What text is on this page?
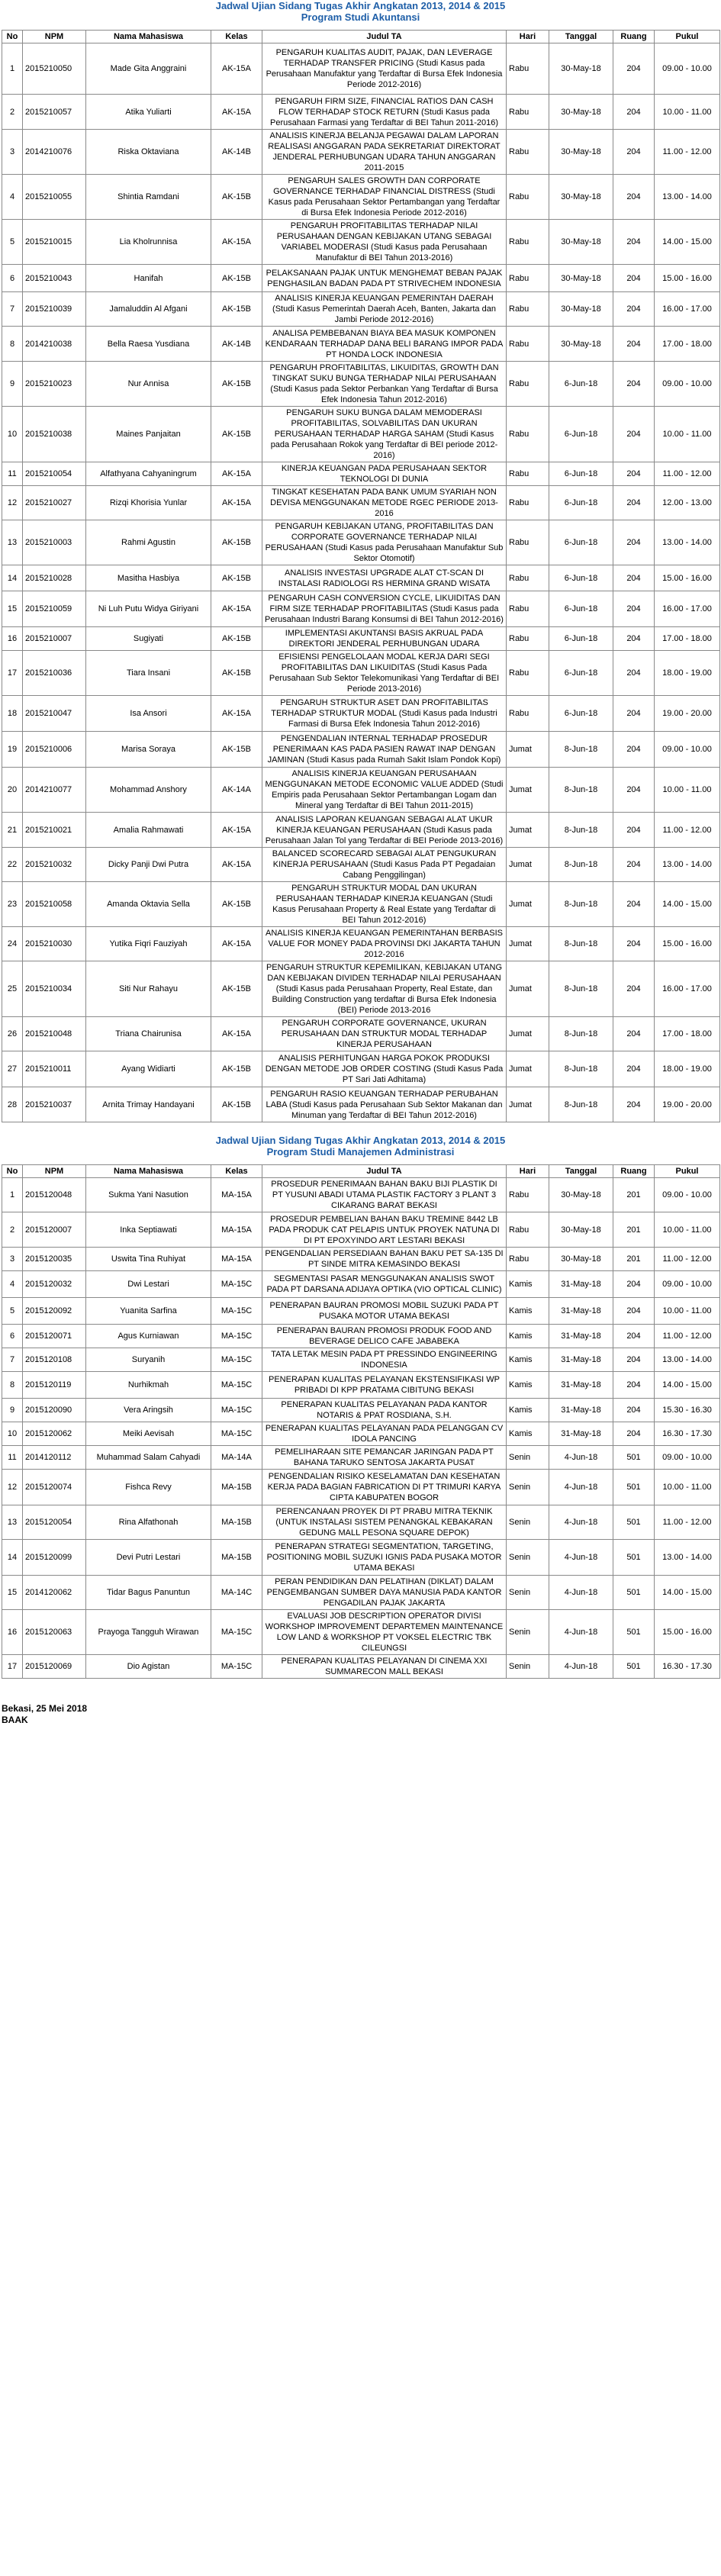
Jadwal Ujian Sidang Tugas Akhir Angkatan 2013, 2014 & 2015
Program Studi Akuntansi
No	NPM	Nama Mahasiswa	Kelas	Judul TA	Hari	Tanggal	Ruang	Pukul
1	2015210050	Made Gita Anggraini	AK-15A	PENGARUH KUALITAS AUDIT, PAJAK, DAN LEVERAGE TERHADAP TRANSFER PRICING (Studi Kasus pada Perusahaan Manufaktur yang Terdaftar di Bursa Efek Indonesia Periode 2012-2016)	Rabu	30-May-18	204	09.00 - 10.00
2	2015210057	Atika Yuliarti	AK-15A	PENGARUH FIRM SIZE, FINANCIAL RATIOS DAN CASH FLOW TERHADAP STOCK RETURN (Studi Kasus pada Perusahaan Farmasi yang Terdaftar di BEI Tahun 2011-2016)	Rabu	30-May-18	204	10.00 - 11.00
3	2014210076	Riska Oktaviana	AK-14B	ANALISIS KINERJA BELANJA PEGAWAI DALAM LAPORAN REALISASI ANGGARAN PADA SEKRETARIAT DIREKTORAT JENDERAL PERHUBUNGAN UDARA TAHUN ANGGARAN 2011-2015	Rabu	30-May-18	204	11.00 - 12.00
4	2015210055	Shintia Ramdani	AK-15B	PENGARUH SALES GROWTH DAN CORPORATE GOVERNANCE TERHADAP FINANCIAL DISTRESS (Studi Kasus pada Perusahaan Sektor Pertambangan yang Terdaftar di Bursa Efek Indonesia Periode 2012-2016)	Rabu	30-May-18	204	13.00 - 14.00
5	2015210015	Lia Kholrunnisa	AK-15A	PENGARUH PROFITABILITAS TERHADAP NILAI PERUSAHAAN DENGAN KEBIJAKAN UTANG SEBAGAI VARIABEL MODERASI (Studi Kasus pada Perusahaan Manufaktur di BEI Tahun 2013-2016)	Rabu	30-May-18	204	14.00 - 15.00
6	2015210043	Hanifah	AK-15B	PELAKSANAAN PAJAK UNTUK MENGHEMAT BEBAN PAJAK PENGHASILAN BADAN PADA PT STRIVECHEM INDONESIA	Rabu	30-May-18	204	15.00 - 16.00
7	2015210039	Jamaluddin Al Afgani	AK-15B	ANALISIS KINERJA KEUANGAN PEMERINTAH DAERAH (Studi Kasus Pemerintah Daerah Aceh, Banten, Jakarta dan Jambi Periode 2012-2016)	Rabu	30-May-18	204	16.00 - 17.00
8	2014210038	Bella Raesa Yusdiana	AK-14B	ANALISA PEMBEBANAN BIAYA BEA MASUK KOMPONEN KENDARAAN TERHADAP DANA BELI BARANG IMPOR PADA PT HONDA LOCK INDONESIA	Rabu	30-May-18	204	17.00 - 18.00
9	2015210023	Nur Annisa	AK-15B	PENGARUH PROFITABILITAS, LIKUIDITAS, GROWTH DAN TINGKAT SUKU BUNGA TERHADAP NILAI PERUSAHAAN (Studi Kasus pada Sektor Perbankan Yang Terdaftar di Bursa Efek Indonesia Tahun 2012-2016)	Rabu	6-Jun-18	204	09.00 - 10.00
10	2015210038	Maines Panjaitan	AK-15B	PENGARUH SUKU BUNGA DALAM MEMODERASI PROFITABILITAS, SOLVABILITAS DAN UKURAN PERUSAHAAN TERHADAP HARGA SAHAM (Studi Kasus pada Perusahaan Rokok yang Terdaftar di BEI periode 2012-2016)	Rabu	6-Jun-18	204	10.00 - 11.00
11	2015210054	Alfathyana Cahyaningrum	AK-15A	KINERJA KEUANGAN PADA PERUSAHAAN SEKTOR TEKNOLOGI DI DUNIA	Rabu	6-Jun-18	204	11.00 - 12.00
12	2015210027	Rizqi Khorisia Yunlar	AK-15A	TINGKAT KESEHATAN PADA BANK UMUM SYARIAH NON DEVISA MENGGUNAKAN METODE RGEC PERIODE 2013-2016	Rabu	6-Jun-18	204	12.00 - 13.00
13	2015210003	Rahmi Agustin	AK-15B	PENGARUH KEBIJAKAN UTANG, PROFITABILITAS DAN CORPORATE GOVERNANCE TERHADAP NILAI PERUSAHAAN (Studi Kasus pada Perusahaan Manufaktur Sub Sektor Otomotif)	Rabu	6-Jun-18	204	13.00 - 14.00
14	2015210028	Masitha Hasbiya	AK-15B	ANALISIS INVESTASI UPGRADE ALAT CT-SCAN DI INSTALASI RADIOLOGI RS HERMINA GRAND WISATA	Rabu	6-Jun-18	204	15.00 - 16.00
15	2015210059	Ni Luh Putu Widya Giriyani	AK-15A	PENGARUH CASH CONVERSION CYCLE, LIKUIDITAS DAN FIRM SIZE TERHADAP PROFITABILITAS (Studi Kasus pada Perusahaan Industri Barang Konsumsi di BEI Tahun 2012-2016)	Rabu	6-Jun-18	204	16.00 - 17.00
16	2015210007	Sugiyati	AK-15B	IMPLEMENTASI AKUNTANSI BASIS AKRUAL PADA DIREKTORI JENDERAL PERHUBUNGAN UDARA	Rabu	6-Jun-18	204	17.00 - 18.00
17	2015210036	Tiara Insani	AK-15B	EFISIENSI PENGELOLAAN MODAL KERJA DARI SEGI PROFITABILITAS DAN LIKUIDITAS (Studi Kasus Pada Perusahaan Sub Sektor Telekomunikasi Yang Terdaftar di BEI Periode 2013-2016)	Rabu	6-Jun-18	204	18.00 - 19.00
18	2015210047	Isa Ansori	AK-15A	PENGARUH STRUKTUR ASET DAN PROFITABILITAS TERHADAP STRUKTUR MODAL (Studi Kasus pada Industri Farmasi di Bursa Efek Indonesia Tahun 2012-2016)	Rabu	6-Jun-18	204	19.00 - 20.00
19	2015210006	Marisa Soraya	AK-15B	PENGENDALIAN INTERNAL TERHADAP PROSEDUR PENERIMAAN KAS PADA PASIEN RAWAT INAP DENGAN JAMINAN (Studi Kasus pada Rumah Sakit Islam Pondok Kopi)	Jumat	8-Jun-18	204	09.00 - 10.00
20	2014210077	Mohammad Anshory	AK-14A	ANALISIS KINERJA KEUANGAN PERUSAHAAN MENGGUNAKAN METODE ECONOMIC VALUE ADDED (Studi Empiris pada Perusahaan Sektor Pertambangan Logam dan Mineral yang Terdaftar di BEI Tahun 2011-2015)	Jumat	8-Jun-18	204	10.00 - 11.00
21	2015210021	Amalia Rahmawati	AK-15A	ANALISIS LAPORAN KEUANGAN SEBAGAI ALAT UKUR KINERJA KEUANGAN PERUSAHAAN (Studi Kasus pada Perusahaan Jalan Tol yang Terdaftar di BEI Periode 2013-2016)	Jumat	8-Jun-18	204	11.00 - 12.00
22	2015210032	Dicky Panji Dwi Putra	AK-15A	BALANCED SCORECARD SEBAGAI ALAT PENGUKURAN KINERJA PERUSAHAAN (Studi Kasus Pada PT Pegadaian Cabang Penggilingan)	Jumat	8-Jun-18	204	13.00 - 14.00
23	2015210058	Amanda Oktavia Sella	AK-15B	PENGARUH STRUKTUR MODAL DAN UKURAN PERUSAHAAN TERHADAP KINERJA KEUANGAN (Studi Kasus Perusahaan Property & Real Estate yang Terdaftar di BEI Tahun 2012-2016)	Jumat	8-Jun-18	204	14.00 - 15.00
24	2015210030	Yutika Fiqri Fauziyah	AK-15A	ANALISIS KINERJA KEUANGAN PEMERINTAHAN BERBASIS VALUE FOR MONEY PADA PROVINSI DKI JAKARTA TAHUN 2012-2016	Jumat	8-Jun-18	204	15.00 - 16.00
25	2015210034	Siti Nur Rahayu	AK-15B	PENGARUH STRUKTUR KEPEMILIKAN, KEBIJAKAN UTANG DAN KEBIJAKAN DIVIDEN TERHADAP NILAI PERUSAHAAN (Studi Kasus pada Perusahaan Property, Real Estate, dan Building Construction yang terdaftar di Bursa Efek Indonesia (BEI) Periode 2013-2016	Jumat	8-Jun-18	204	16.00 - 17.00
26	2015210048	Triana Chairunisa	AK-15A	PENGARUH CORPORATE GOVERNANCE, UKURAN PERUSAHAAN DAN STRUKTUR MODAL TERHADAP KINERJA PERUSAHAAN	Jumat	8-Jun-18	204	17.00 - 18.00
27	2015210011	Ayang Widiarti	AK-15B	ANALISIS PERHITUNGAN HARGA POKOK PRODUKSI DENGAN METODE JOB ORDER COSTING (Studi Kasus Pada PT Sari Jati Adhitama)	Jumat	8-Jun-18	204	18.00 - 19.00
28	2015210037	Arnita Trimay Handayani	AK-15B	PENGARUH RASIO KEUANGAN TERHADAP PERUBAHAN LABA (Studi Kasus pada Perusahaan Sub Sektor Makanan dan Minuman yang Terdaftar di BEI Tahun 2012-2016)	Jumat	8-Jun-18	204	19.00 - 20.00
Jadwal Ujian Sidang Tugas Akhir Angkatan 2013, 2014 & 2015
Program Studi Manajemen Administrasi
No	NPM	Nama Mahasiswa	Kelas	Judul TA	Hari	Tanggal	Ruang	Pukul
1	2015120048	Sukma Yani Nasution	MA-15A	PROSEDUR PENERIMAAN BAHAN BAKU BIJI PLASTIK DI PT YUSUNI ABADI UTAMA PLASTIK FACTORY 3 PLANT 3 CIKARANG BARAT BEKASI	Rabu	30-May-18	201	09.00 - 10.00
2	2015120007	Inka Septiawati	MA-15A	PROSEDUR PEMBELIAN BAHAN BAKU TREMINE 8442 LB PADA PRODUK CAT PELAPIS UNTUK PROYEK NATUNA DI DI PT EPOXYINDO ART LESTARI BEKASI	Rabu	30-May-18	201	10.00 - 11.00
3	2015120035	Uswita Tina Ruhiyat	MA-15A	PENGENDALIAN PERSEDIAAN BAHAN BAKU PET SA-135 DI PT SINDE MITRA KEMASINDO BEKASI	Rabu	30-May-18	201	11.00 - 12.00
4	2015120032	Dwi Lestari	MA-15C	SEGMENTASI PASAR MENGGUNAKAN ANALISIS SWOT PADA PT DARSANA ADIJAYA OPTIKA (VIO OPTICAL CLINIC)	Kamis	31-May-18	204	09.00 - 10.00
5	2015120092	Yuanita Sarfina	MA-15C	PENERAPAN BAURAN PROMOSI MOBIL SUZUKI PADA PT PUSAKA MOTOR UTAMA BEKASI	Kamis	31-May-18	204	10.00 - 11.00
6	2015120071	Agus Kurniawan	MA-15C	PENERAPAN BAURAN PROMOSI PRODUK FOOD AND BEVERAGE DELICO CAFE JABABEKA	Kamis	31-May-18	204	11.00 - 12.00
7	2015120108	Suryanih	MA-15C	TATA LETAK MESIN PADA PT PRESSINDO ENGINEERING INDONESIA	Kamis	31-May-18	204	13.00 - 14.00
8	2015120119	Nurhikmah	MA-15C	PENERAPAN KUALITAS PELAYANAN EKSTENSIFIKASI WP PRIBADI DI KPP PRATAMA CIBITUNG BEKASI	Kamis	31-May-18	204	14.00 - 15.00
9	2015120090	Vera Aringsih	MA-15C	PENERAPAN KUALITAS PELAYANAN PADA KANTOR NOTARIS & PPAT ROSDIANA, S.H.	Kamis	31-May-18	204	15.30 - 16.30
10	2015120062	Meiki Aevisah	MA-15C	PENERAPAN KUALITAS PELAYANAN PADA PELANGGAN CV IDOLA PANCING	Kamis	31-May-18	204	16.30 - 17.30
11	2014120112	Muhammad Salam Cahyadi	MA-14A	PEMELIHARAAN SITE PEMANCAR JARINGAN PADA PT BAHANA TARUKO SENTOSA JAKARTA PUSAT	Senin	4-Jun-18	501	09.00 - 10.00
12	2015120074	Fishca Revy	MA-15B	PENGENDALIAN RISIKO KESELAMATAN DAN KESEHATAN KERJA PADA BAGIAN FABRICATION DI PT TRIMURI KARYA CIPTA KABUPATEN BOGOR	Senin	4-Jun-18	501	10.00 - 11.00
13	2015120054	Rina Alfathonah	MA-15B	PERENCANAAN PROYEK DI PT PRABU MITRA TEKNIK (UNTUK INSTALASI SISTEM PENANGKAL KEBAKARAN GEDUNG MALL PESONA SQUARE DEPOK)	Senin	4-Jun-18	501	11.00 - 12.00
14	2015120099	Devi Putri Lestari	MA-15B	PENERAPAN STRATEGI SEGMENTATION, TARGETING, POSITIONING MOBIL SUZUKI IGNIS PADA PUSAKA MOTOR UTAMA BEKASI	Senin	4-Jun-18	501	13.00 - 14.00
15	2014120062	Tidar Bagus Panuntun	MA-14C	PERAN PENDIDIKAN DAN PELATIHAN (DIKLAT) DALAM PENGEMBANGAN SUMBER DAYA MANUSIA PADA KANTOR PENGADILAN PAJAK JAKARTA	Senin	4-Jun-18	501	14.00 - 15.00
16	2015120063	Prayoga Tangguh Wirawan	MA-15C	EVALUASI JOB DESCRIPTION OPERATOR DIVISI WORKSHOP IMPROVEMENT DEPARTEMEN MAINTENANCE LOW LAND & WORKSHOP PT VOKSEL ELECTRIC TBK CILEUNGSI	Senin	4-Jun-18	501	15.00 - 16.00
17	2015120069	Dio Agistan	MA-15C	PENERAPAN KUALITAS PELAYANAN DI CINEMA XXI SUMMARECON MALL BEKASI	Senin	4-Jun-18	501	16.30 - 17.30
Bekasi, 25 Mei 2018
BAAK
